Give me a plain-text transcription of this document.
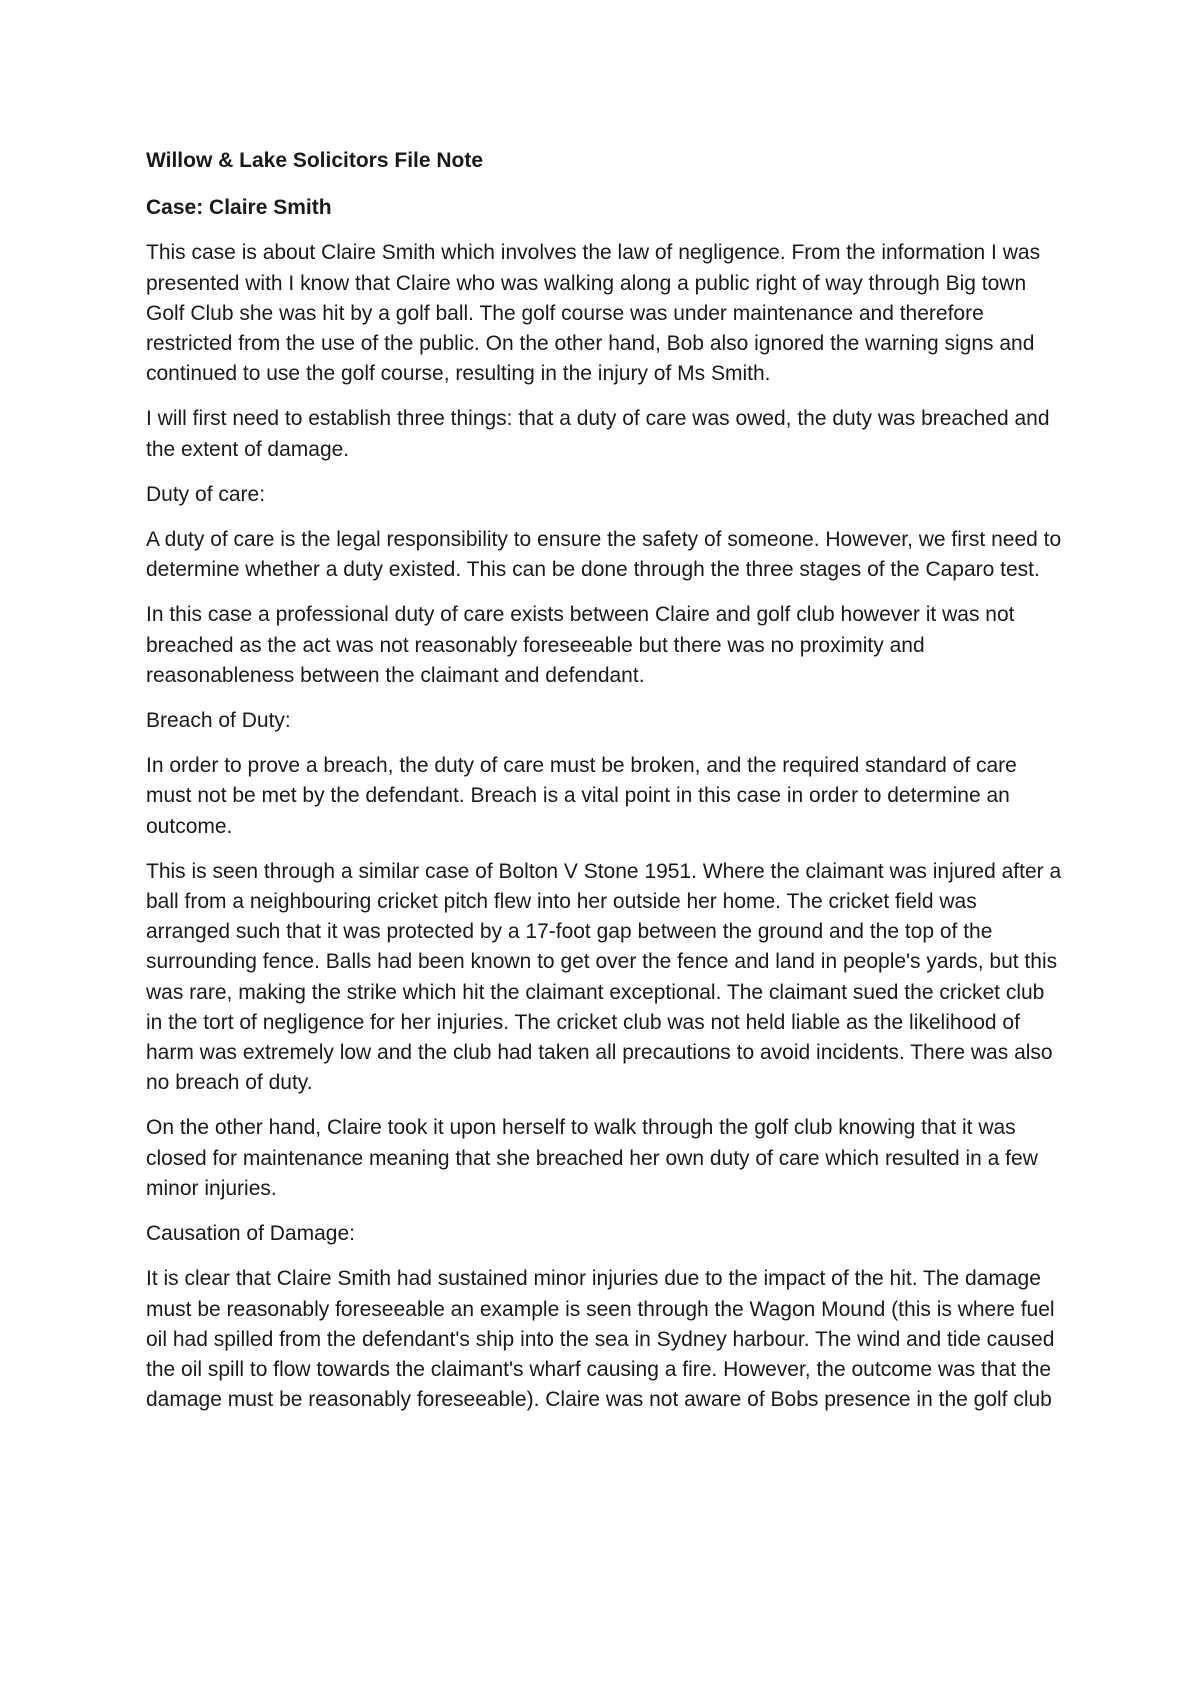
Willow & Lake Solicitors File Note
Case: Claire Smith
This case is about Claire Smith which involves the law of negligence. From the information I was presented with I know that Claire who was walking along a public right of way through Big town Golf Club she was hit by a golf ball. The golf course was under maintenance and therefore restricted from the use of the public. On the other hand, Bob also ignored the warning signs and continued to use the golf course, resulting in the injury of Ms Smith.
I will first need to establish three things: that a duty of care was owed, the duty was breached and the extent of damage.
Duty of care:
A duty of care is the legal responsibility to ensure the safety of someone. However, we first need to determine whether a duty existed. This can be done through the three stages of the Caparo test.
In this case a professional duty of care exists between Claire and golf club however it was not breached as the act was not reasonably foreseeable but there was no proximity and reasonableness between the claimant and defendant.
Breach of Duty:
In order to prove a breach, the duty of care must be broken, and the required standard of care must not be met by the defendant. Breach is a vital point in this case in order to determine an outcome.
This is seen through a similar case of Bolton V Stone 1951. Where the claimant was injured after a ball from a neighbouring cricket pitch flew into her outside her home. The cricket field was arranged such that it was protected by a 17-foot gap between the ground and the top of the surrounding fence. Balls had been known to get over the fence and land in people's yards, but this was rare, making the strike which hit the claimant exceptional. The claimant sued the cricket club in the tort of negligence for her injuries. The cricket club was not held liable as the likelihood of harm was extremely low and the club had taken all precautions to avoid incidents. There was also no breach of duty.
On the other hand, Claire took it upon herself to walk through the golf club knowing that it was closed for maintenance meaning that she breached her own duty of care which resulted in a few minor injuries.
Causation of Damage:
It is clear that Claire Smith had sustained minor injuries due to the impact of the hit. The damage must be reasonably foreseeable an example is seen through the Wagon Mound (this is where fuel oil had spilled from the defendant's ship into the sea in Sydney harbour. The wind and tide caused the oil spill to flow towards the claimant's wharf causing a fire. However, the outcome was that the damage must be reasonably foreseeable). Claire was not aware of Bobs presence in the golf club
